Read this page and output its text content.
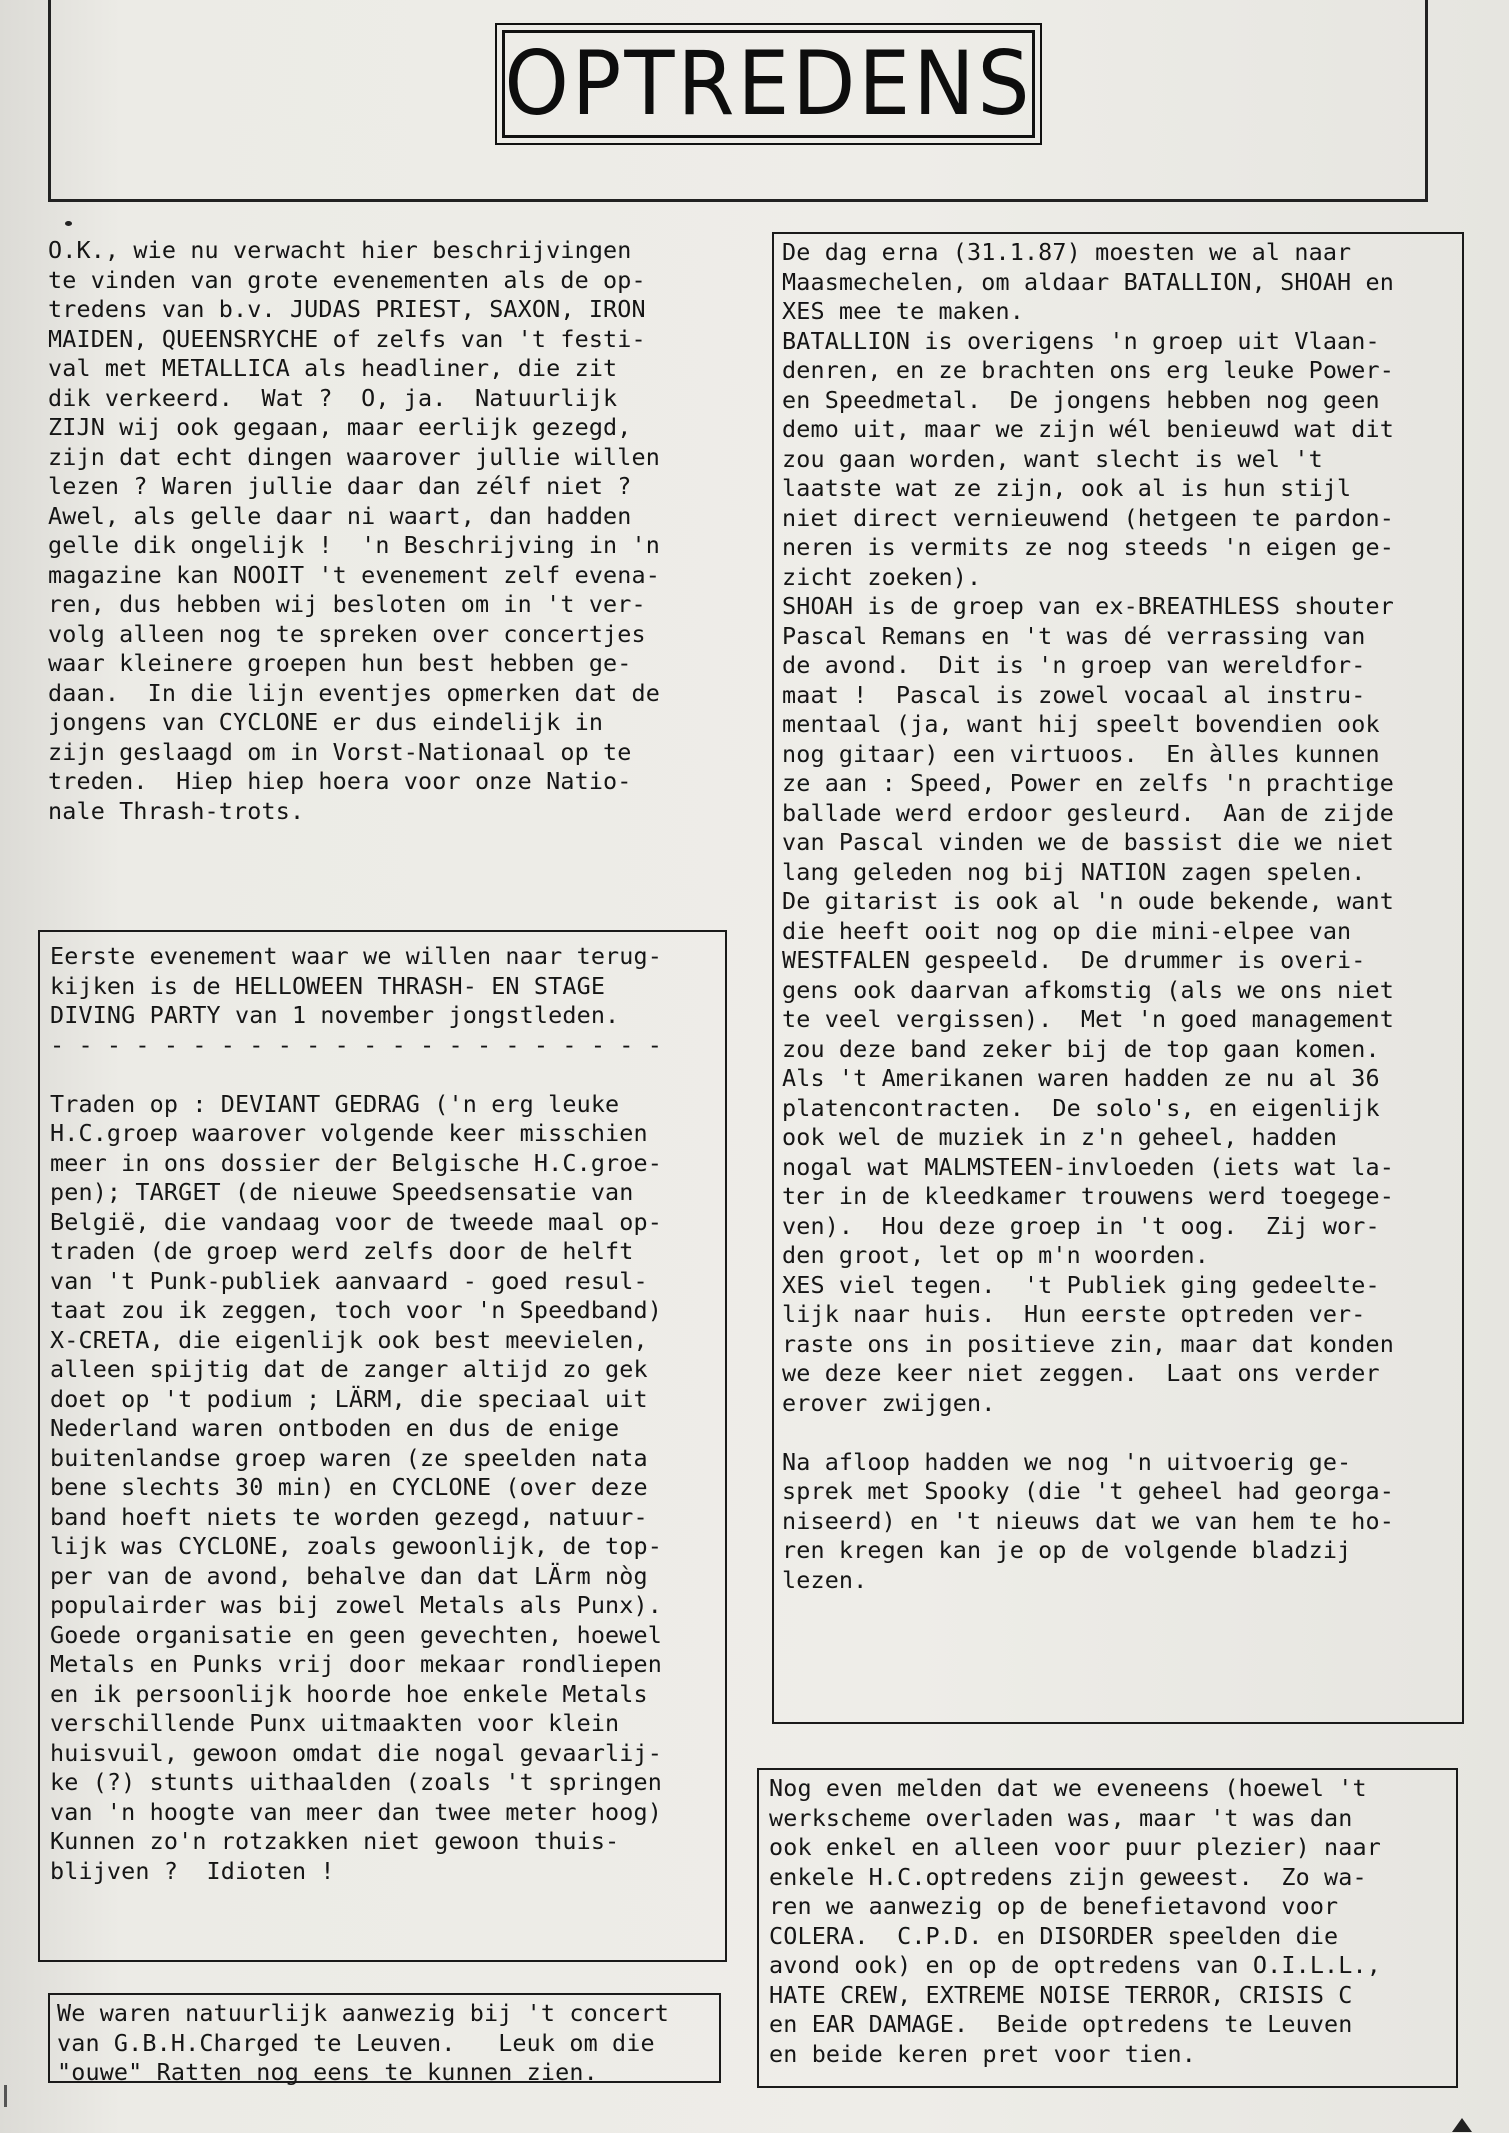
OPTREDENS

O.K., wie nu verwacht hier beschrijvingen
te vinden van grote evenementen als de op-
tredens van b.v. JUDAS PRIEST, SAXON, IRON
MAIDEN, QUEENSRYCHE of zelfs van 't festi-
val met METALLICA als headliner, die zit
dik verkeerd.  Wat ?  O, ja.  Natuurlijk
ZIJN wij ook gegaan, maar eerlijk gezegd,
zijn dat echt dingen waarover jullie willen
lezen ? Waren jullie daar dan zélf niet ?
Awel, als gelle daar ni waart, dan hadden
gelle dik ongelijk !  'n Beschrijving in 'n
magazine kan NOOIT 't evenement zelf evena-
ren, dus hebben wij besloten om in 't ver-
volg alleen nog te spreken over concertjes
waar kleinere groepen hun best hebben ge-
daan.  In die lijn eventjes opmerken dat de
jongens van CYCLONE er dus eindelijk in
zijn geslaagd om in Vorst-Nationaal op te
treden.  Hiep hiep hoera voor onze Natio-
nale Thrash-trots.

Eerste evenement waar we willen naar terug-
kijken is de HELLOWEEN THRASH- EN STAGE
DIVING PARTY van 1 november jongstleden.

- - - - - - - - - - - - - - - - - - - - - -

Traden op : DEVIANT GEDRAG ('n erg leuke
H.C.groep waarover volgende keer misschien
meer in ons dossier der Belgische H.C.groe-
pen); TARGET (de nieuwe Speedsensatie van
België, die vandaag voor de tweede maal op-
traden (de groep werd zelfs door de helft
van 't Punk-publiek aanvaard - goed resul-
taat zou ik zeggen, toch voor 'n Speedband)
X-CRETA, die eigenlijk ook best meevielen,
alleen spijtig dat de zanger altijd zo gek
doet op 't podium ; LÄRM, die speciaal uit
Nederland waren ontboden en dus de enige
buitenlandse groep waren (ze speelden nata
bene slechts 30 min) en CYCLONE (over deze
band hoeft niets te worden gezegd, natuur-
lijk was CYCLONE, zoals gewoonlijk, de top-
per van de avond, behalve dan dat LÄrm nòg
populairder was bij zowel Metals als Punx).
Goede organisatie en geen gevechten, hoewel
Metals en Punks vrij door mekaar rondliepen
en ik persoonlijk hoorde hoe enkele Metals
verschillende Punx uitmaakten voor klein
huisvuil, gewoon omdat die nogal gevaarlij-
ke (?) stunts uithaalden (zoals 't springen
van 'n hoogte van meer dan twee meter hoog)
Kunnen zo'n rotzakken niet gewoon thuis-
blijven ?  Idioten !

We waren natuurlijk aanwezig bij 't concert
van G.B.H.Charged te Leuven.   Leuk om die
"ouwe" Ratten nog eens te kunnen zien.

De dag erna (31.1.87) moesten we al naar
Maasmechelen, om aldaar BATALLION, SHOAH en
XES mee te maken.
BATALLION is overigens 'n groep uit Vlaan-
denren, en ze brachten ons erg leuke Power-
en Speedmetal.  De jongens hebben nog geen
demo uit, maar we zijn wél benieuwd wat dit
zou gaan worden, want slecht is wel 't
laatste wat ze zijn, ook al is hun stijl
niet direct vernieuwend (hetgeen te pardon-
neren is vermits ze nog steeds 'n eigen ge-
zicht zoeken).
SHOAH is de groep van ex-BREATHLESS shouter
Pascal Remans en 't was dé verrassing van
de avond.  Dit is 'n groep van wereldfor-
maat !  Pascal is zowel vocaal al instru-
mentaal (ja, want hij speelt bovendien ook
nog gitaar) een virtuoos.  En àlles kunnen
ze aan : Speed, Power en zelfs 'n prachtige
ballade werd erdoor gesleurd.  Aan de zijde
van Pascal vinden we de bassist die we niet
lang geleden nog bij NATION zagen spelen.
De gitarist is ook al 'n oude bekende, want
die heeft ooit nog op die mini-elpee van
WESTFALEN gespeeld.  De drummer is overi-
gens ook daarvan afkomstig (als we ons niet
te veel vergissen).  Met 'n goed management
zou deze band zeker bij de top gaan komen.
Als 't Amerikanen waren hadden ze nu al 36
platencontracten.  De solo's, en eigenlijk
ook wel de muziek in z'n geheel, hadden
nogal wat MALMSTEEN-invloeden (iets wat la-
ter in de kleedkamer trouwens werd toegege-
ven).  Hou deze groep in 't oog.  Zij wor-
den groot, let op m'n woorden.
XES viel tegen.  't Publiek ging gedeelte-
lijk naar huis.  Hun eerste optreden ver-
raste ons in positieve zin, maar dat konden
we deze keer niet zeggen.  Laat ons verder
erover zwijgen.

Na afloop hadden we nog 'n uitvoerig ge-
sprek met Spooky (die 't geheel had georga-
niseerd) en 't nieuws dat we van hem te ho-
ren kregen kan je op de volgende bladzij
lezen.

Nog even melden dat we eveneens (hoewel 't
werkscheme overladen was, maar 't was dan
ook enkel en alleen voor puur plezier) naar
enkele H.C.optredens zijn geweest.  Zo wa-
ren we aanwezig op de benefietavond voor
COLERA.  C.P.D. en DISORDER speelden die
avond ook) en op de optredens van O.I.L.L.,
HATE CREW, EXTREME NOISE TERROR, CRISIS C
en EAR DAMAGE.  Beide optredens te Leuven
en beide keren pret voor tien.
